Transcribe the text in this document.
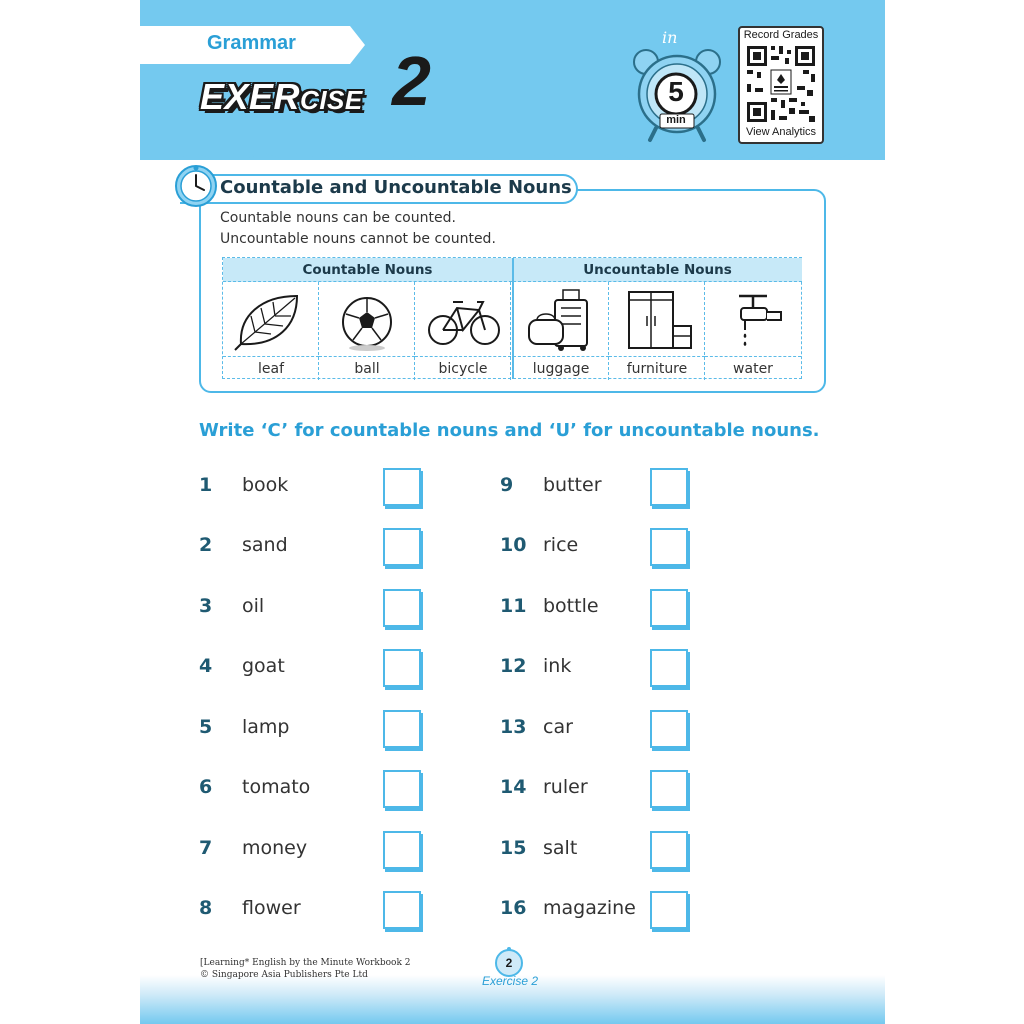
Grammar
EXERCISE 2
in
5
min
Record Grades
View Analytics
Countable and Uncountable Nouns
Countable nouns can be counted.
Uncountable nouns cannot be counted.
Countable Nouns	Uncountable Nouns
leaf	ball	bicycle	luggage	furniture	water
Write ‘C’ for countable nouns and ‘U’ for uncountable nouns.
1 book
2 sand
3 oil
4 goat
5 lamp
6 tomato
7 money
8 flower
9 butter
10 rice
11 bottle
12 ink
13 car
14 ruler
15 salt
16 magazine
[Learning* English by the Minute Workbook 2
© Singapore Asia Publishers Pte Ltd
2
Exercise 2
